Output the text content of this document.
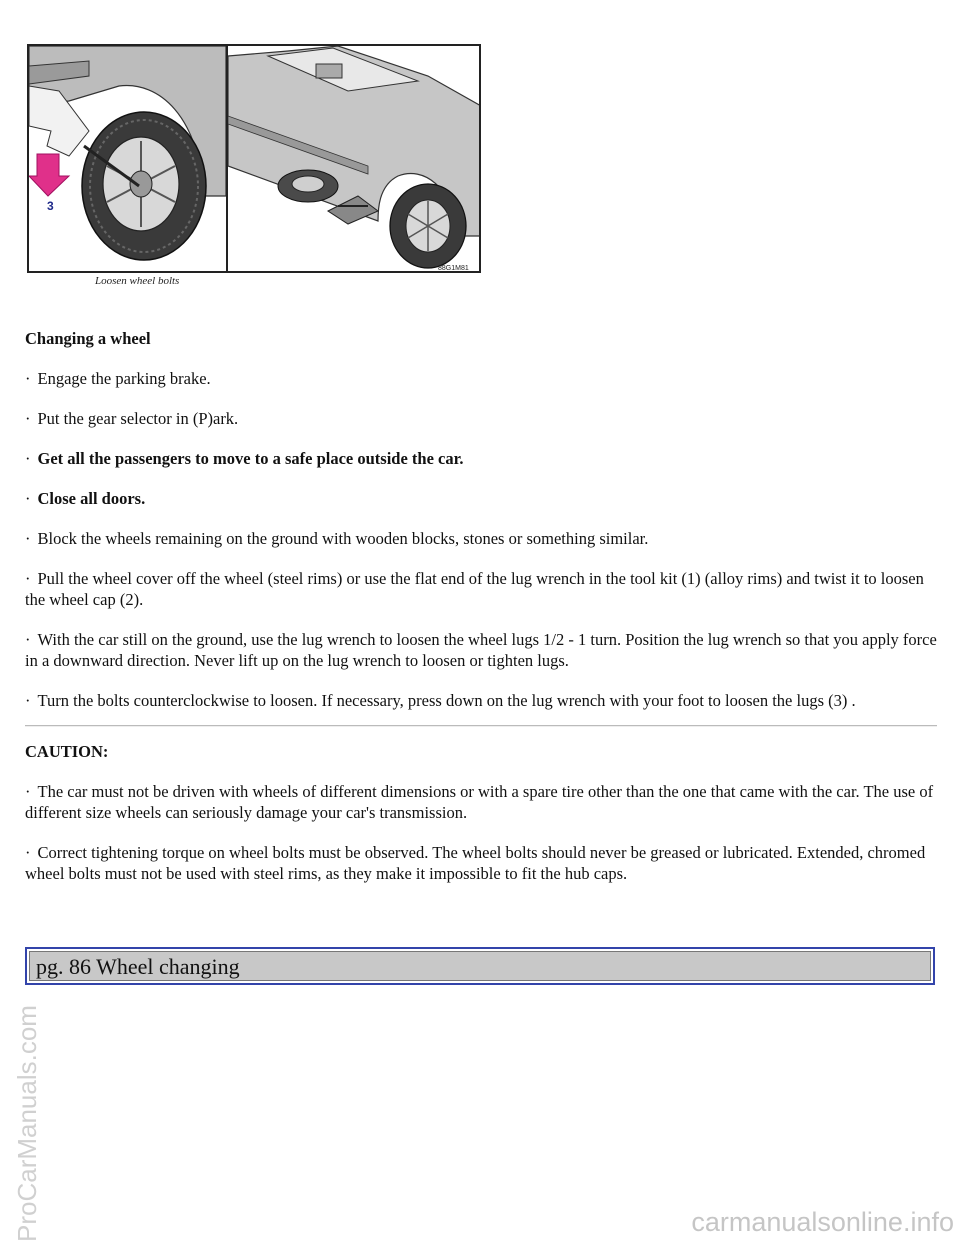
3
88G1M81
Loosen wheel bolts

Changing a wheel

· Engage the parking brake.

· Put the gear selector in (P)ark.

· Get all the passengers to move to a safe place outside the car.

· Close all doors.

· Block the wheels remaining on the ground with wooden blocks, stones or something similar.

· Pull the wheel cover off the wheel (steel rims) or use the flat end of the lug wrench in the tool kit (1) (alloy rims) and twist it to loosen the wheel cap (2).

· With the car still on the ground, use the lug wrench to loosen the wheel lugs 1/2 - 1 turn. Position the lug wrench so that you apply force in a downward direction. Never lift up on the lug wrench to loosen or tighten lugs.

· Turn the bolts counterclockwise to loosen. If necessary, press down on the lug wrench with your foot to loosen the lugs (3) .

CAUTION:

· The car must not be driven with wheels of different dimensions or with a spare tire other than the one that came with the car. The use of different size wheels can seriously damage your car's transmission.

· Correct tightening torque on wheel bolts must be observed. The wheel bolts should never be greased or lubricated. Extended, chromed wheel bolts must not be used with steel rims, as they make it impossible to fit the hub caps.

pg. 86 Wheel changing
ProCarManuals.com	carmanualsonline.info
